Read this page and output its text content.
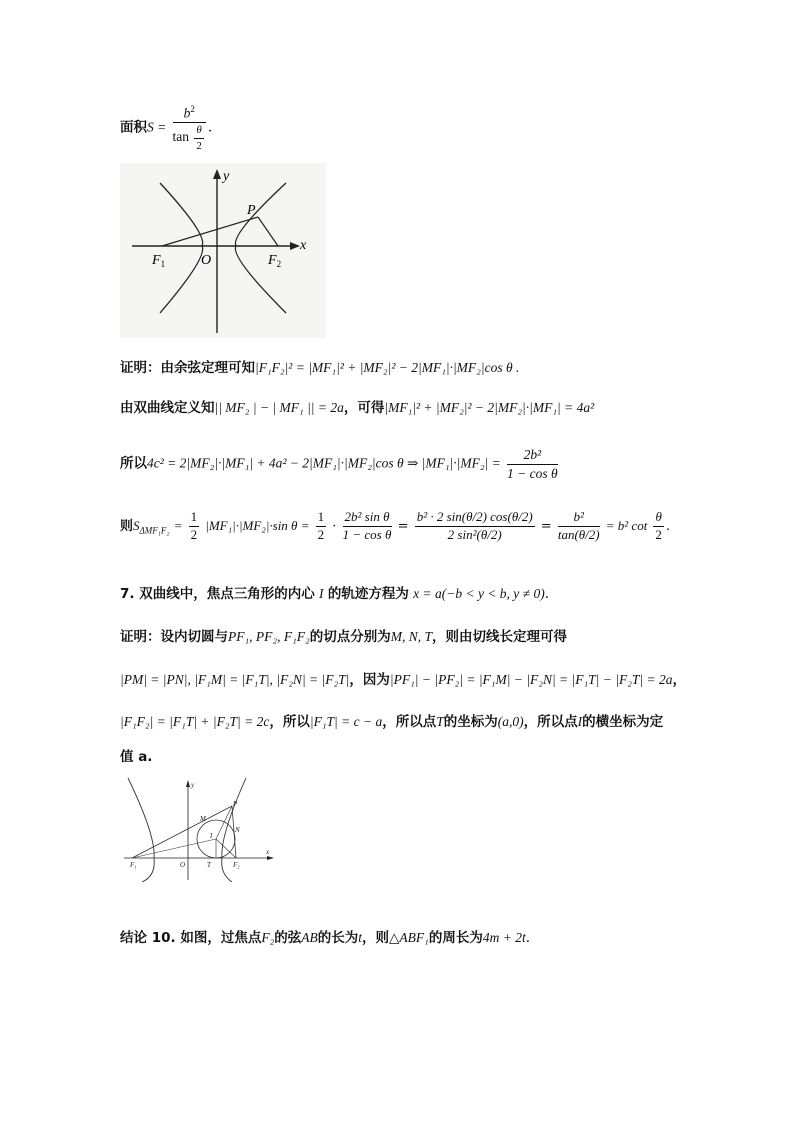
面积$S = \frac{b^2}{\tan \frac{\theta}{2}}$ .
y
x
P
$F_1$	O	$F_2$
证明：由余弦定理可知|F₁F₂|² = |MF₁|² + |MF₂|² − 2|MF₁|·|MF₂|cos θ .
由双曲线定义知|| MF₂ | − | MF₁ || = 2a，可得|MF₁|² + |MF₂|² − 2|MF₂|·|MF₁| = 4a²
所以4c² = 2|MF₂|·|MF₁| + 4a² − 2|MF₁|·|MF₂|cos θ ⇒ $|MF_1|\cdot|MF_2| = \frac{\text{2b²}}{\text{1 − cos θ}}$
则$S_{\Delta MF_1F_2} = \frac{1}{2} |MF_1|\cdot|MF_2|\cdot\sin$ $\theta = \frac{1}{2} \cdot \frac{\text{2b² sin θ}}{\text{1 − cos θ}} = \frac{\text{b² · 2 sin(θ/2) cos(θ/2)}}{\text{2 sin²(θ/2)}} = \frac{\text{b²}}{\tan(\theta/2)} = b^2$ $\cot \frac{\theta}{2}$ .
7. 双曲线中，焦点三角形的内心 I 的轨迹方程为 x = a(−b < y < b, y ≠ 0).
证明：设内切圆与PF₁, PF₂, F₁F₂的切点分别为M, N, T，则由切线长定理可得
|PM| = |PN|, |F₁M| = |F₁T|, |F₂N| = |F₂T|，因为|PF₁| − |PF₂| = |F₁M| − |F₂N| = |F₁T| − |F₂T| = 2a，
|F₁F₂| = |F₁T| + |F₂T| = 2c，所以|F₁T| = c − a，所以点T的坐标为(a,0)，所以点I的横坐标为定
值 a.
y
x
P
M
N
I
F₁	O	T	F₂
结论 10. 如图，过焦点F₂的弦AB的长为t，则△ABF₁的周长为4m + 2t.
